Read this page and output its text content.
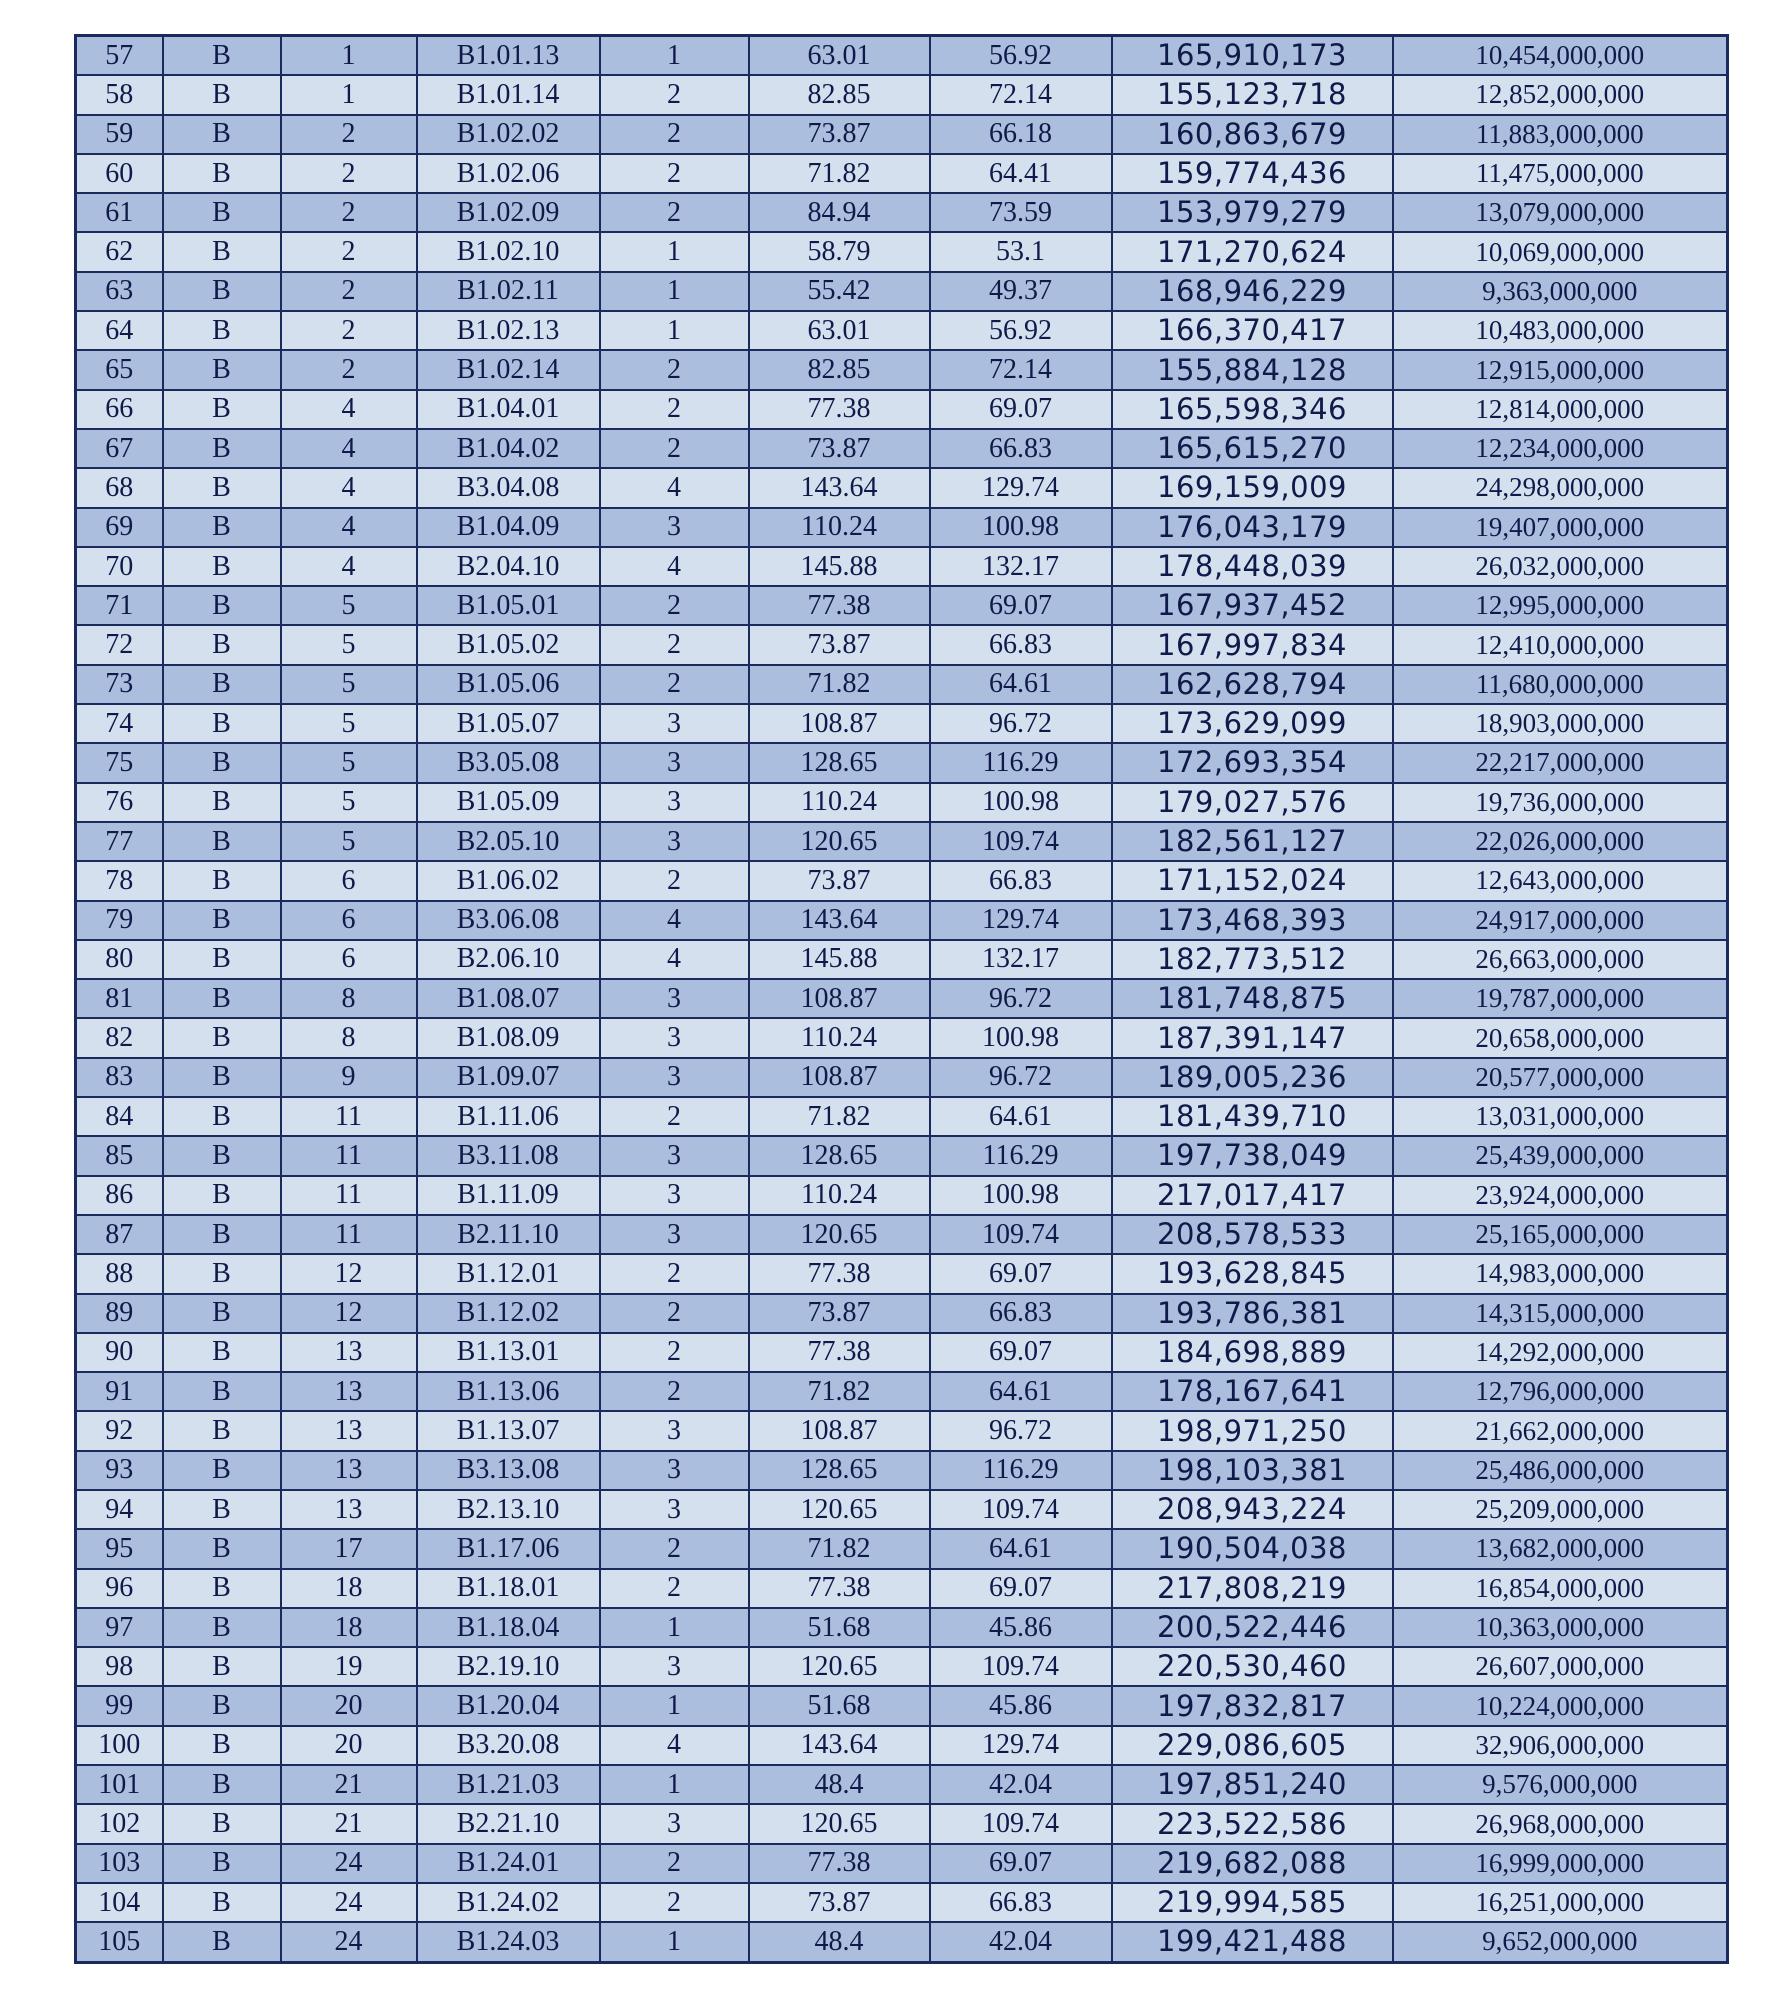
57	B	1	B1.01.13	1	63.01	56.92	165,910,173	10,454,000,000
58	B	1	B1.01.14	2	82.85	72.14	155,123,718	12,852,000,000
59	B	2	B1.02.02	2	73.87	66.18	160,863,679	11,883,000,000
60	B	2	B1.02.06	2	71.82	64.41	159,774,436	11,475,000,000
61	B	2	B1.02.09	2	84.94	73.59	153,979,279	13,079,000,000
62	B	2	B1.02.10	1	58.79	53.1	171,270,624	10,069,000,000
63	B	2	B1.02.11	1	55.42	49.37	168,946,229	9,363,000,000
64	B	2	B1.02.13	1	63.01	56.92	166,370,417	10,483,000,000
65	B	2	B1.02.14	2	82.85	72.14	155,884,128	12,915,000,000
66	B	4	B1.04.01	2	77.38	69.07	165,598,346	12,814,000,000
67	B	4	B1.04.02	2	73.87	66.83	165,615,270	12,234,000,000
68	B	4	B3.04.08	4	143.64	129.74	169,159,009	24,298,000,000
69	B	4	B1.04.09	3	110.24	100.98	176,043,179	19,407,000,000
70	B	4	B2.04.10	4	145.88	132.17	178,448,039	26,032,000,000
71	B	5	B1.05.01	2	77.38	69.07	167,937,452	12,995,000,000
72	B	5	B1.05.02	2	73.87	66.83	167,997,834	12,410,000,000
73	B	5	B1.05.06	2	71.82	64.61	162,628,794	11,680,000,000
74	B	5	B1.05.07	3	108.87	96.72	173,629,099	18,903,000,000
75	B	5	B3.05.08	3	128.65	116.29	172,693,354	22,217,000,000
76	B	5	B1.05.09	3	110.24	100.98	179,027,576	19,736,000,000
77	B	5	B2.05.10	3	120.65	109.74	182,561,127	22,026,000,000
78	B	6	B1.06.02	2	73.87	66.83	171,152,024	12,643,000,000
79	B	6	B3.06.08	4	143.64	129.74	173,468,393	24,917,000,000
80	B	6	B2.06.10	4	145.88	132.17	182,773,512	26,663,000,000
81	B	8	B1.08.07	3	108.87	96.72	181,748,875	19,787,000,000
82	B	8	B1.08.09	3	110.24	100.98	187,391,147	20,658,000,000
83	B	9	B1.09.07	3	108.87	96.72	189,005,236	20,577,000,000
84	B	11	B1.11.06	2	71.82	64.61	181,439,710	13,031,000,000
85	B	11	B3.11.08	3	128.65	116.29	197,738,049	25,439,000,000
86	B	11	B1.11.09	3	110.24	100.98	217,017,417	23,924,000,000
87	B	11	B2.11.10	3	120.65	109.74	208,578,533	25,165,000,000
88	B	12	B1.12.01	2	77.38	69.07	193,628,845	14,983,000,000
89	B	12	B1.12.02	2	73.87	66.83	193,786,381	14,315,000,000
90	B	13	B1.13.01	2	77.38	69.07	184,698,889	14,292,000,000
91	B	13	B1.13.06	2	71.82	64.61	178,167,641	12,796,000,000
92	B	13	B1.13.07	3	108.87	96.72	198,971,250	21,662,000,000
93	B	13	B3.13.08	3	128.65	116.29	198,103,381	25,486,000,000
94	B	13	B2.13.10	3	120.65	109.74	208,943,224	25,209,000,000
95	B	17	B1.17.06	2	71.82	64.61	190,504,038	13,682,000,000
96	B	18	B1.18.01	2	77.38	69.07	217,808,219	16,854,000,000
97	B	18	B1.18.04	1	51.68	45.86	200,522,446	10,363,000,000
98	B	19	B2.19.10	3	120.65	109.74	220,530,460	26,607,000,000
99	B	20	B1.20.04	1	51.68	45.86	197,832,817	10,224,000,000
100	B	20	B3.20.08	4	143.64	129.74	229,086,605	32,906,000,000
101	B	21	B1.21.03	1	48.4	42.04	197,851,240	9,576,000,000
102	B	21	B2.21.10	3	120.65	109.74	223,522,586	26,968,000,000
103	B	24	B1.24.01	2	77.38	69.07	219,682,088	16,999,000,000
104	B	24	B1.24.02	2	73.87	66.83	219,994,585	16,251,000,000
105	B	24	B1.24.03	1	48.4	42.04	199,421,488	9,652,000,000
